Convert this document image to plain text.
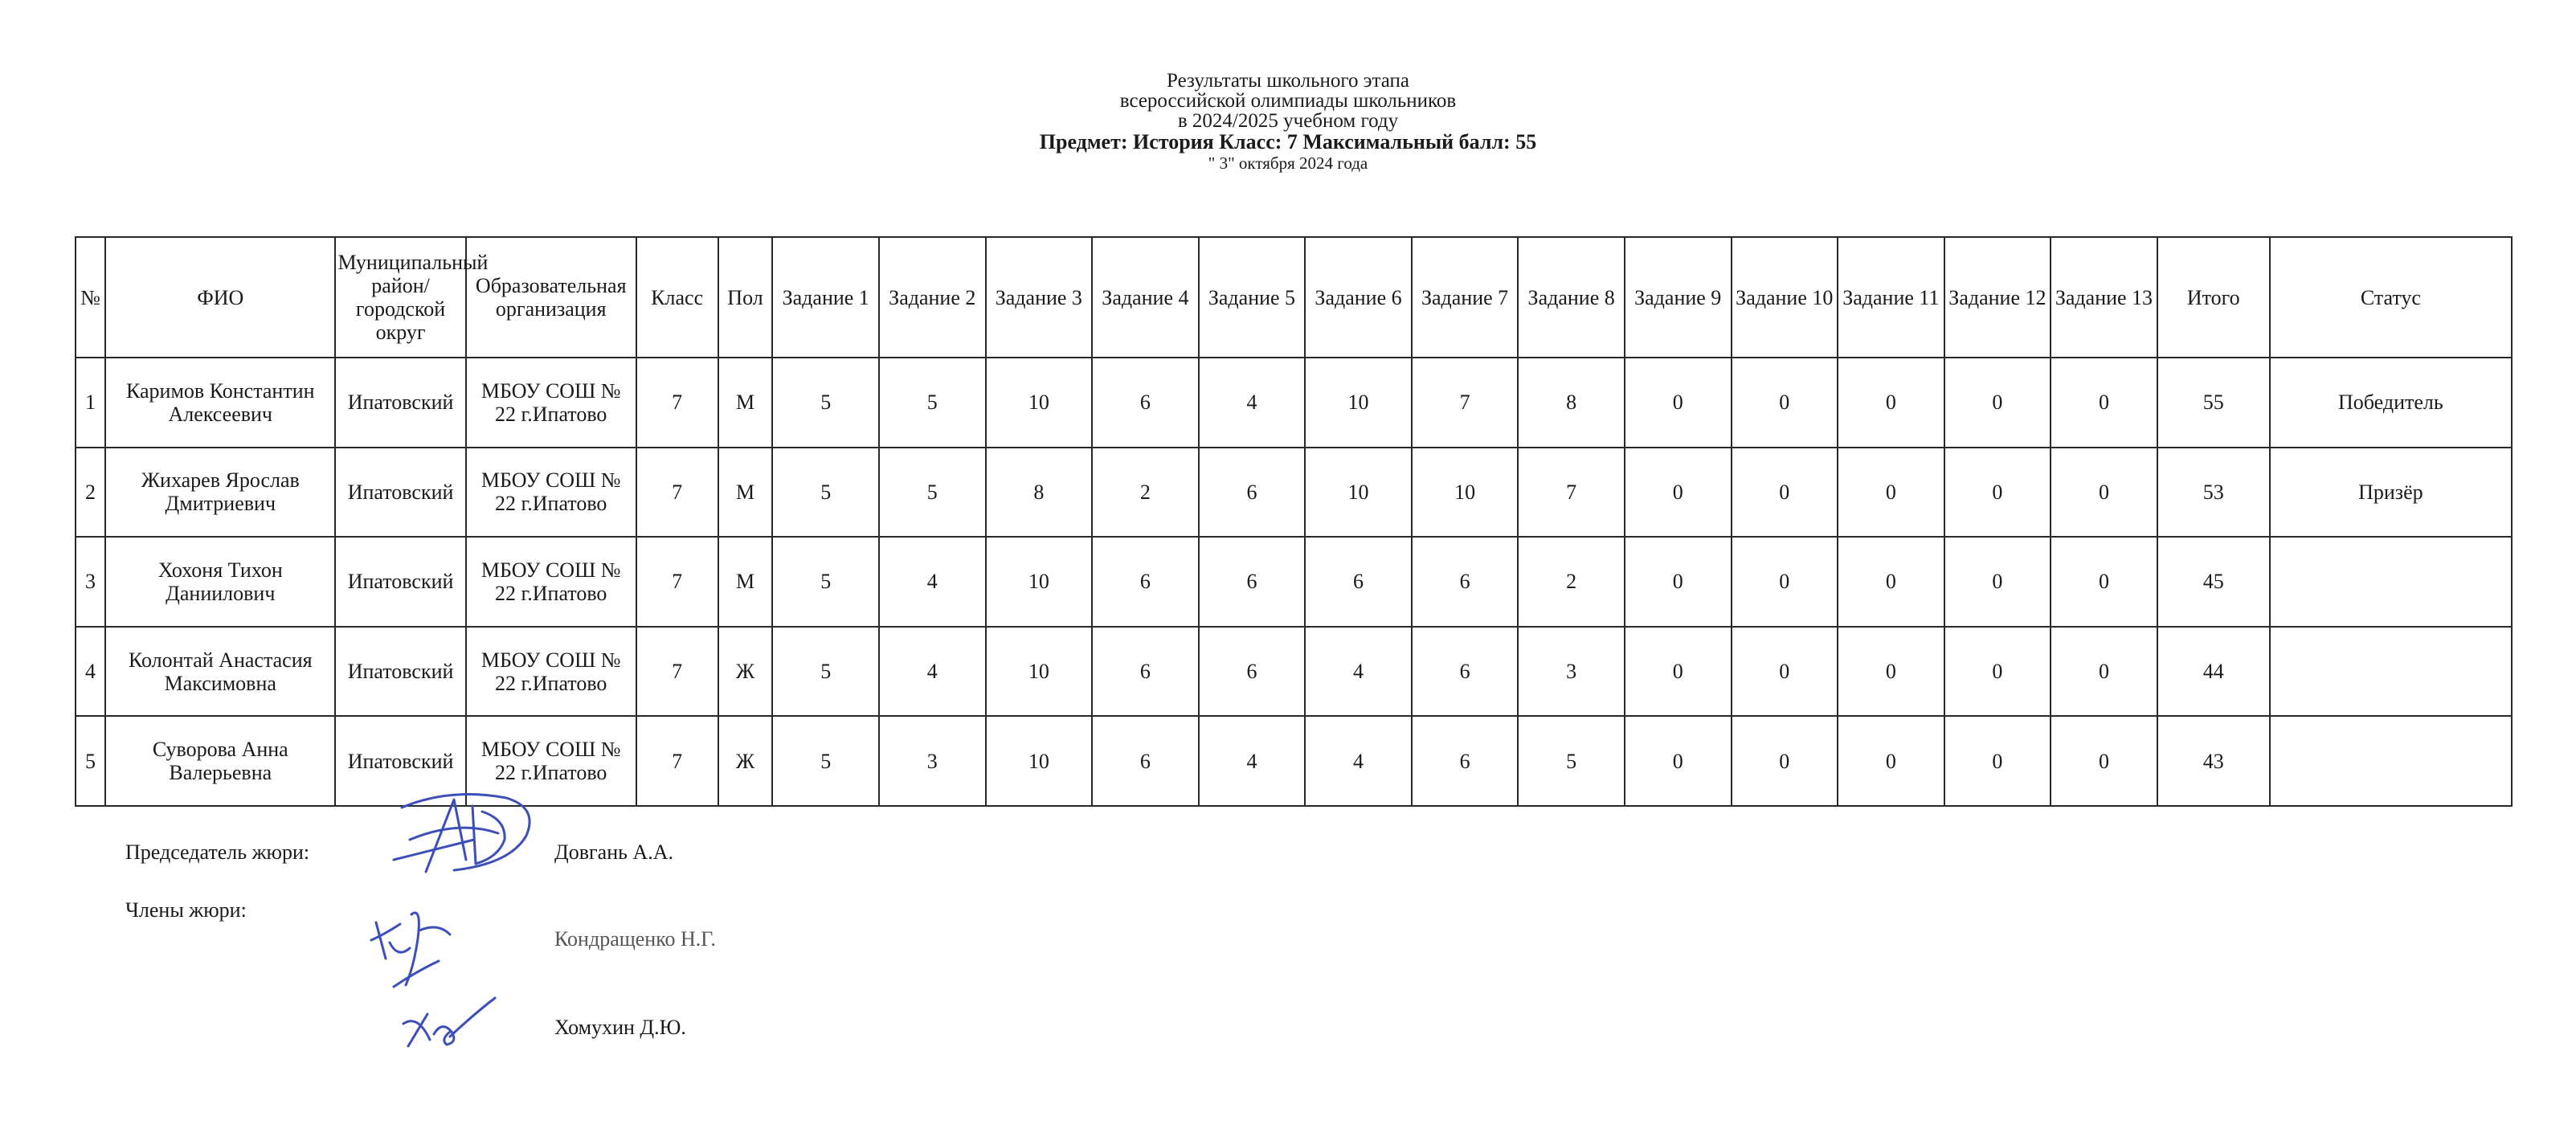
Результаты школьного этапа
всероссийской олимпиады школьников
в 2024/2025 учебном году
Предмет: История Класс: 7 Максимальный балл: 55
" 3" октября 2024 года
№	ФИО	Муниципальный район/городской округ	Образовательная организация	Класс	Пол	Задание 1	Задание 2	Задание 3	Задание 4	Задание 5	Задание 6	Задание 7	Задание 8	Задание 9	Задание 10	Задание 11	Задание 12	Задание 13	Итого	Статус
1	Каримов Константин Алексеевич	Ипатовский	МБОУ СОШ № 22 г.Ипатово	7	М	5	5	10	6	4	10	7	8	0	0	0	0	0	55	Победитель
2	Жихарев Ярослав Дмитриевич	Ипатовский	МБОУ СОШ № 22 г.Ипатово	7	М	5	5	8	2	6	10	10	7	0	0	0	0	0	53	Призёр
3	Хохоня Тихон Даниилович	Ипатовский	МБОУ СОШ № 22 г.Ипатово	7	М	5	4	10	6	6	6	6	2	0	0	0	0	0	45	
4	Колонтай Анастасия Максимовна	Ипатовский	МБОУ СОШ № 22 г.Ипатово	7	Ж	5	4	10	6	6	4	6	3	0	0	0	0	0	44	
5	Суворова Анна Валерьевна	Ипатовский	МБОУ СОШ № 22 г.Ипатово	7	Ж	5	3	10	6	4	4	6	5	0	0	0	0	0	43	
Председатель жюри:	Довгань А.А.
Члены жюри:
Кондращенко Н.Г.
Хомухин Д.Ю.
